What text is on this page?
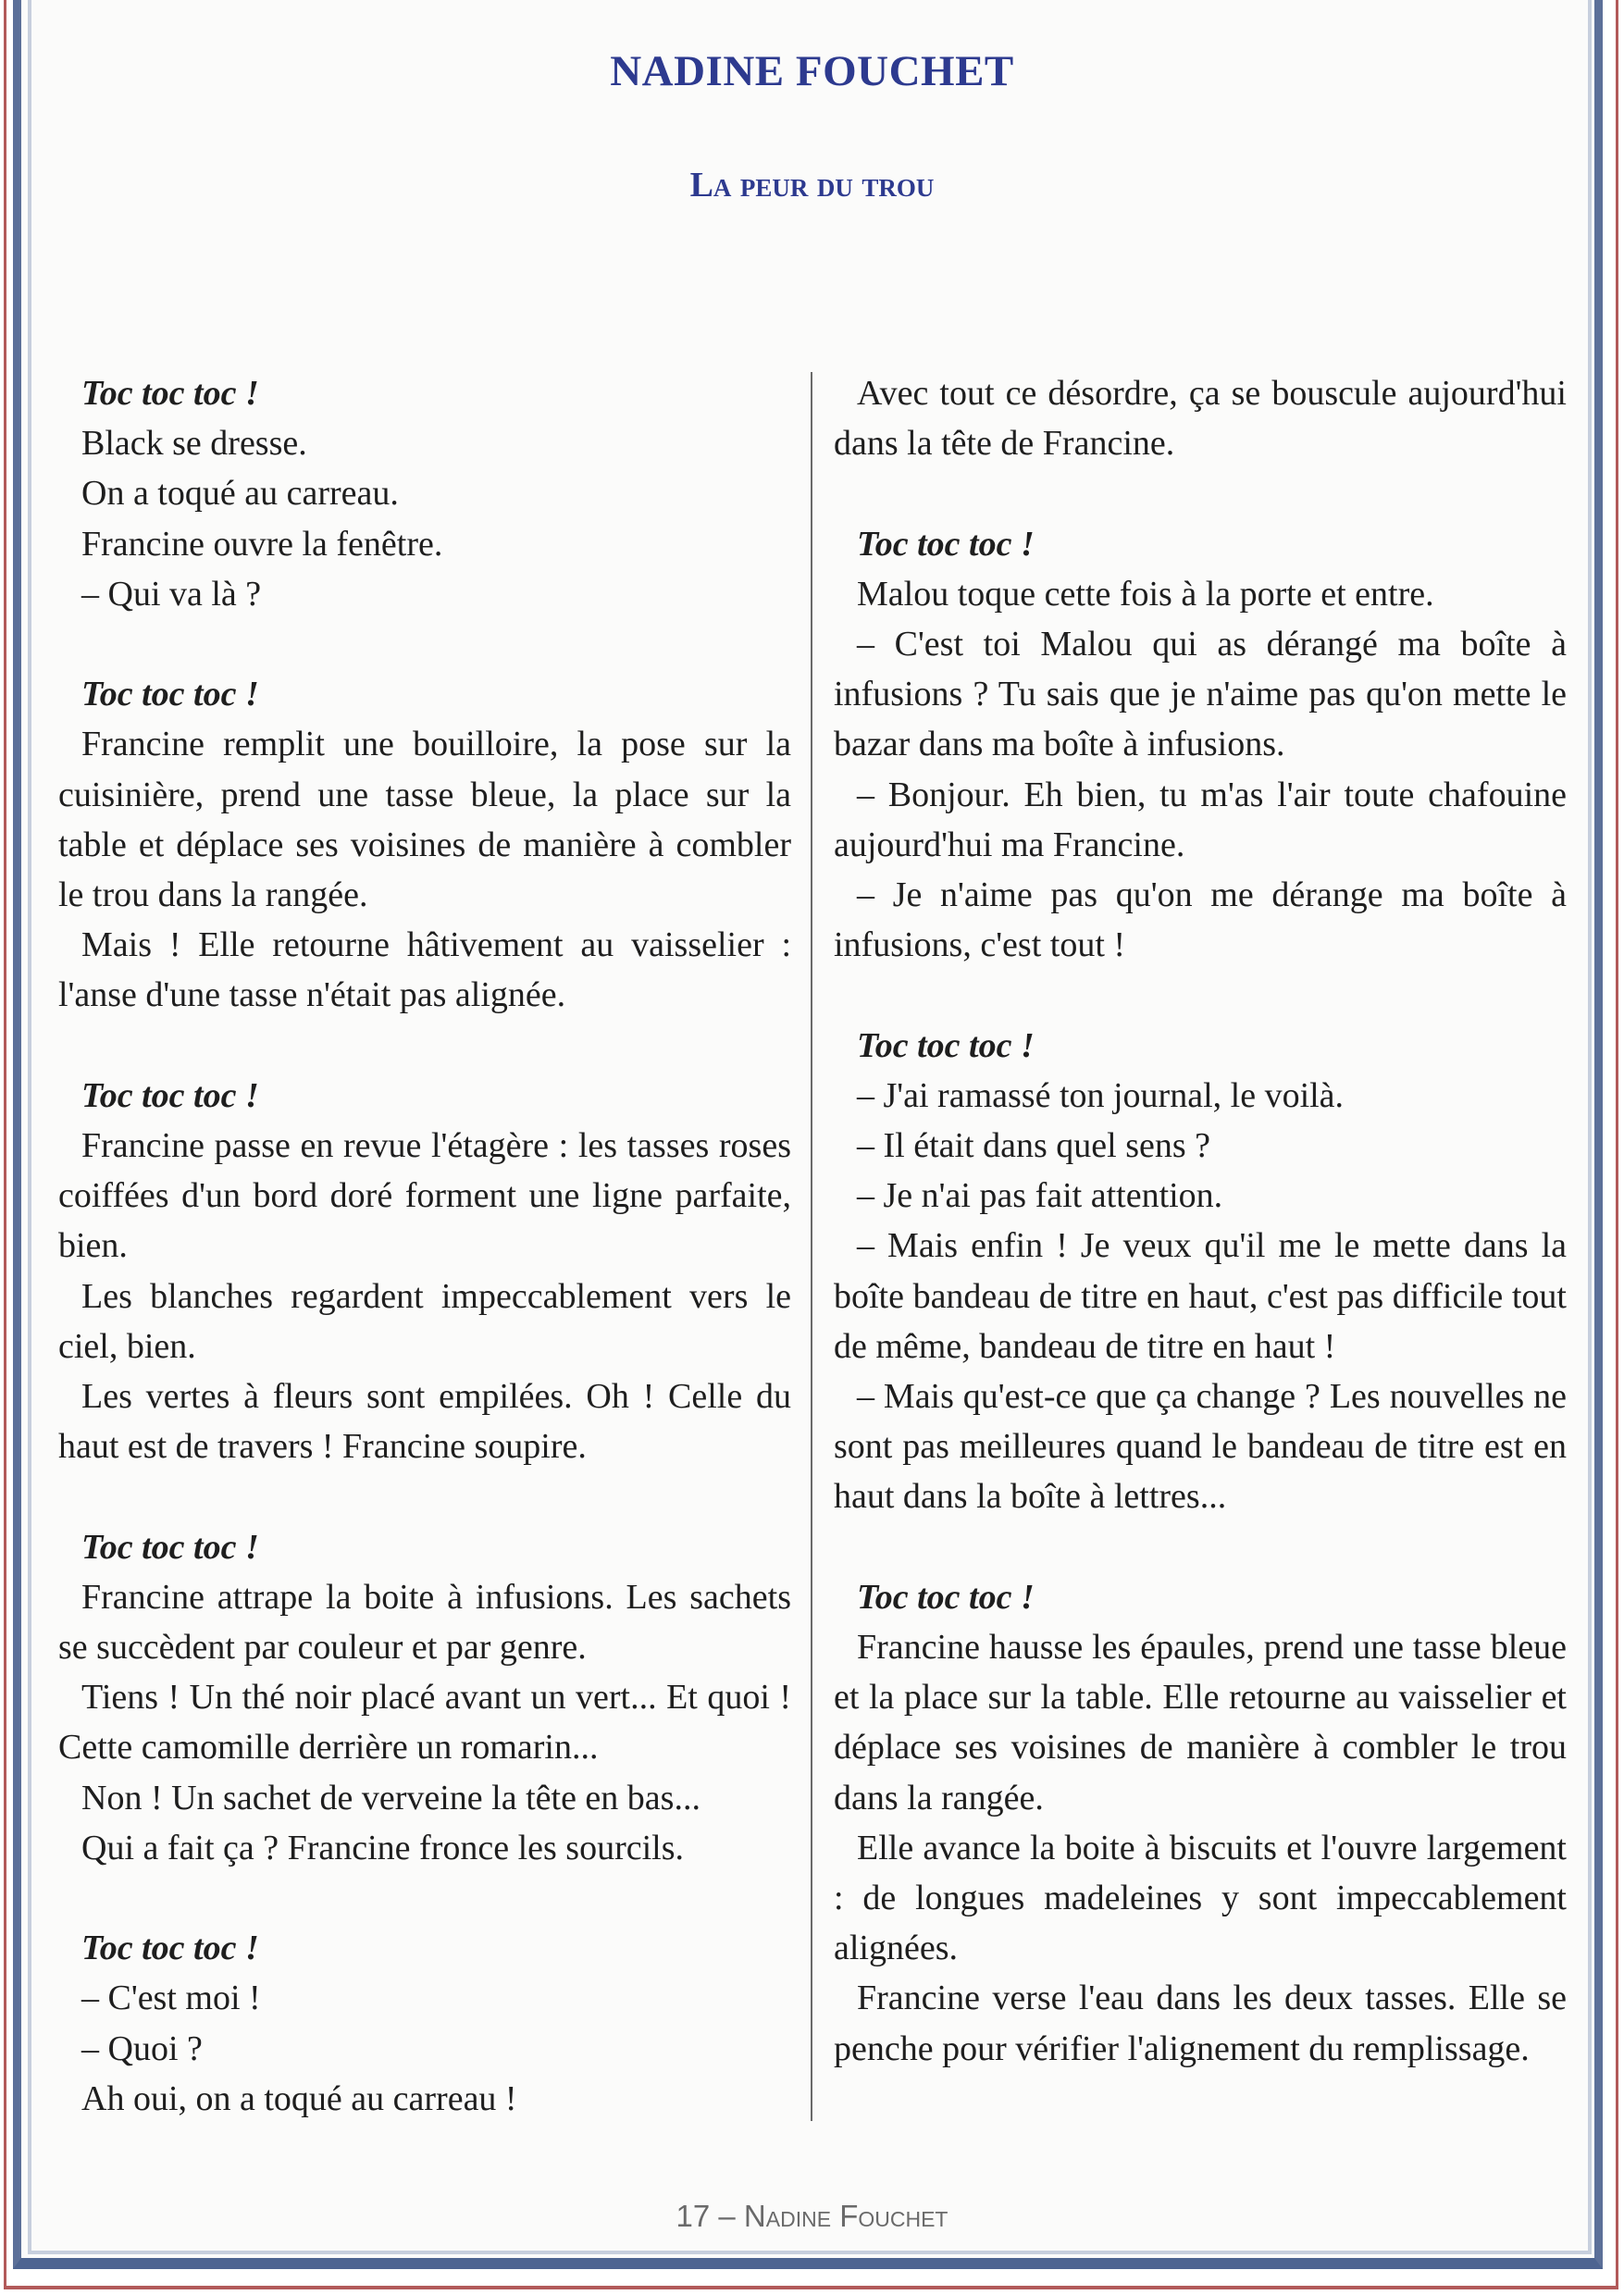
NADINE FOUCHET
La peur du trou

Toc toc toc !

Black se dresse.

On a toqué au carreau.

Francine ouvre la fenêtre.

– Qui va là ?

Toc toc toc !

Francine remplit une bouilloire, la pose sur la cuisinière, prend une tasse bleue, la place sur la table et déplace ses voisines de manière à combler le trou dans la rangée.

Mais ! Elle retourne hâtivement au vaisselier : l'anse d'une tasse n'était pas alignée.

Toc toc toc !

Francine passe en revue l'étagère : les tasses roses coiffées d'un bord doré forment une ligne parfaite, bien.

Les blanches regardent impeccablement vers le ciel, bien.

Les vertes à fleurs sont empilées. Oh ! Celle du haut est de travers ! Francine soupire.

Toc toc toc !

Francine attrape la boite à infusions. Les sachets se succèdent par couleur et par genre.

Tiens ! Un thé noir placé avant un vert... Et quoi ! Cette camomille derrière un romarin...

Non ! Un sachet de verveine la tête en bas...

Qui a fait ça ? Francine fronce les sourcils.

Toc toc toc !

– C'est moi !

– Quoi ?

Ah oui, on a toqué au carreau !

Avec tout ce désordre, ça se bouscule aujourd'hui dans la tête de Francine.

Toc toc toc !

Malou toque cette fois à la porte et entre.

– C'est toi Malou qui as dérangé ma boîte à infusions ? Tu sais que je n'aime pas qu'on mette le bazar dans ma boîte à infusions.

– Bonjour. Eh bien, tu m'as l'air toute chafouine aujourd'hui ma Francine.

– Je n'aime pas qu'on me dérange ma boîte à infusions, c'est tout !

Toc toc toc !

– J'ai ramassé ton journal, le voilà.

– Il était dans quel sens ?

– Je n'ai pas fait attention.

– Mais enfin ! Je veux qu'il me le mette dans la boîte bandeau de titre en haut, c'est pas difficile tout de même, bandeau de titre en haut !

– Mais qu'est-ce que ça change ? Les nouvelles ne sont pas meilleures quand le bandeau de titre est en haut dans la boîte à lettres...

Toc toc toc !

Francine hausse les épaules, prend une tasse bleue et la place sur la table. Elle retourne au vaisselier et déplace ses voisines de manière à combler le trou dans la rangée.

Elle avance la boite à biscuits et l'ouvre largement : de longues madeleines y sont impeccablement alignées.

Francine verse l'eau dans les deux tasses. Elle se penche pour vérifier l'alignement du remplissage.

17 – Nadine Fouchet
